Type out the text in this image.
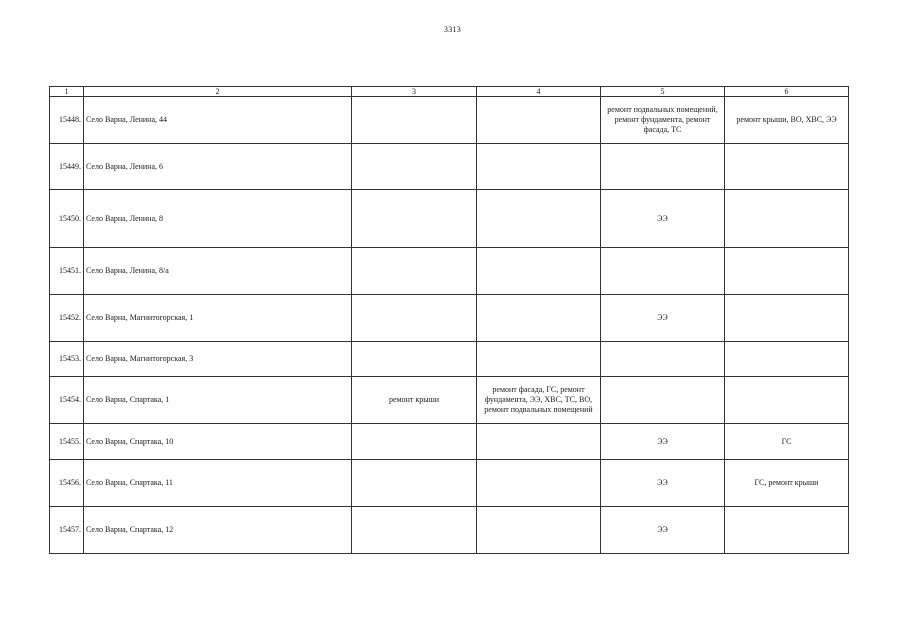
3313
1	2	3	4	5	6
15448.	Село Варна, Ленина, 44			ремонт подвальных помещений, ремонт фундамента, ремонт фасада, ТС	ремонт крыши, ВО, ХВС, ЭЭ
15449.	Село Варна, Ленина, 6				
15450.	Село Варна, Ленина, 8			ЭЭ	
15451.	Село Варна, Ленина, 8/а				
15452.	Село Варна, Магнитогорская, 1			ЭЭ	
15453.	Село Варна, Магнитогорская, 3				
15454.	Село Варна, Спартака, 1	ремонт крыши	ремонт фасада, ГС, ремонт фундамента, ЭЭ, ХВС, ТС, ВО, ремонт подвальных помещений		
15455.	Село Варна, Спартака, 10			ЭЭ	ГС
15456.	Село Варна, Спартака, 11			ЭЭ	ГС, ремонт крыши
15457.	Село Варна, Спартака, 12			ЭЭ	
